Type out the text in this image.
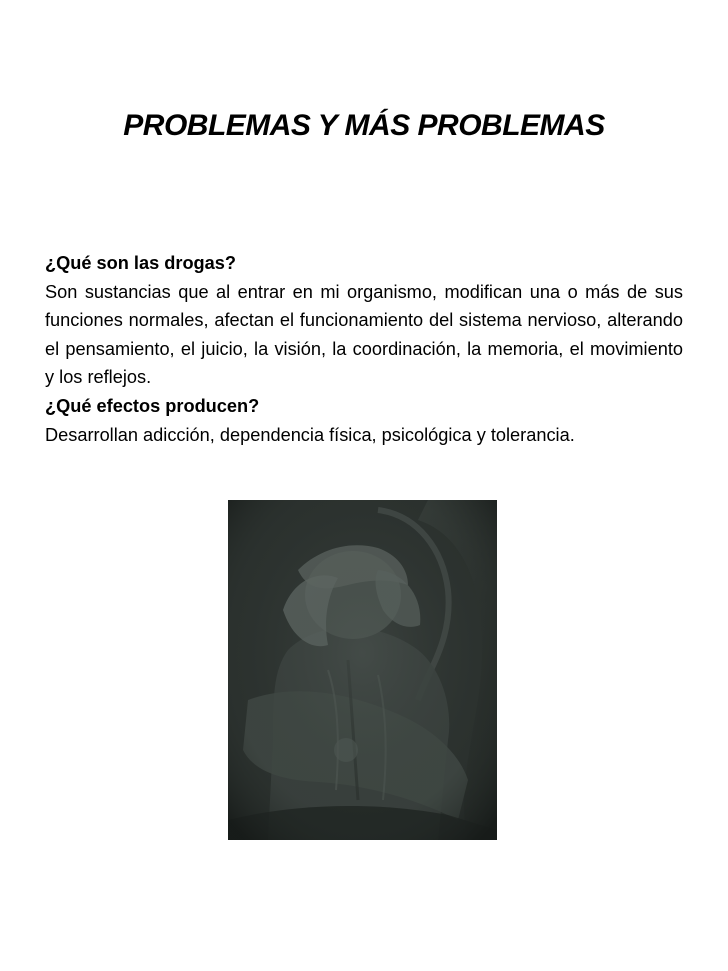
PROBLEMAS Y MÁS PROBLEMAS

¿Qué son las drogas?

Son sustancias que al entrar en mi organismo, modifican una o más de sus funciones normales, afectan el funcionamiento del sistema nervioso, alterando el pensamiento, el juicio, la visión, la coordinación, la memoria, el movimiento y los reflejos.

¿Qué efectos producen?

Desarrollan adicción, dependencia física, psicológica y tolerancia.
